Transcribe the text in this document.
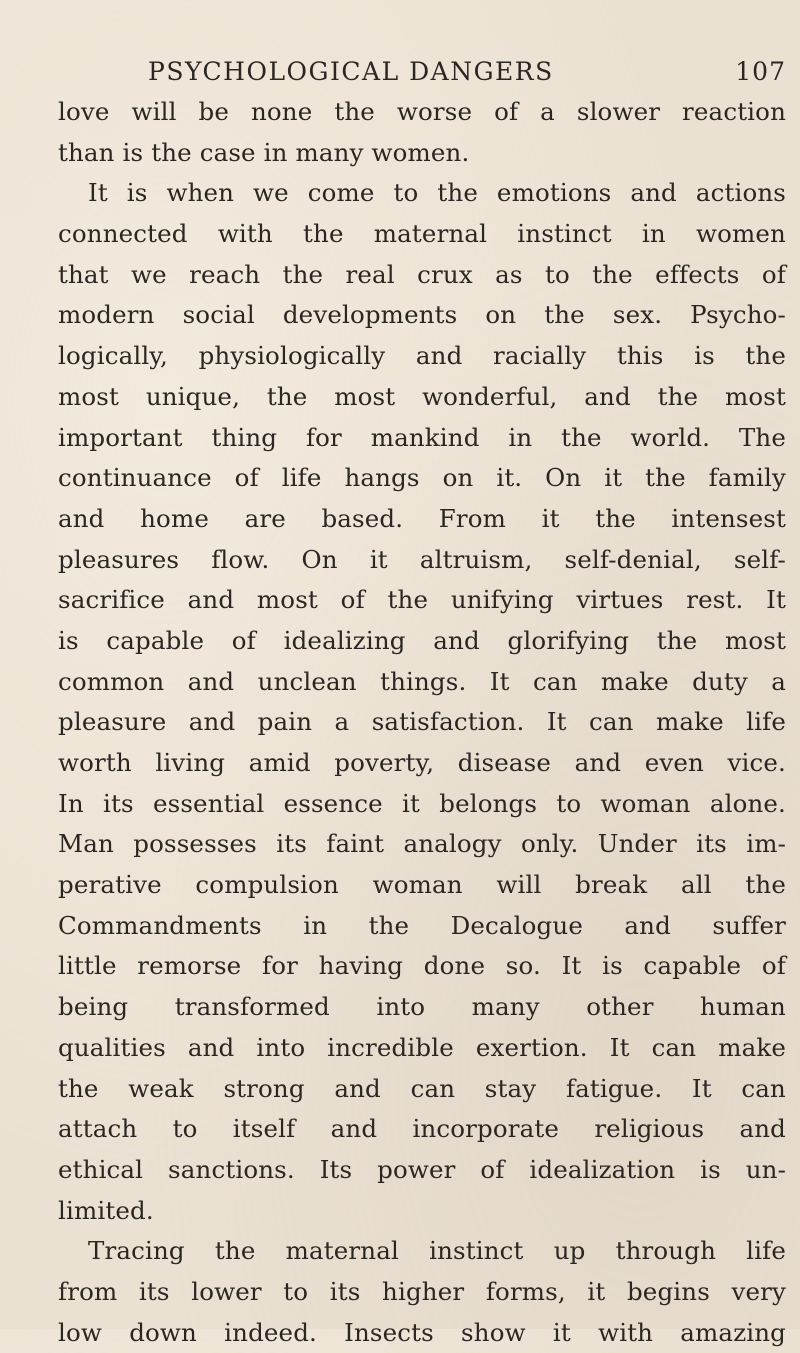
PSYCHOLOGICAL DANGERS	107
love will be none the worse of a slower reaction
than is the case in many women.
It is when we come to the emotions and actions
connected with the maternal instinct in women
that we reach the real crux as to the effects of
modern social developments on the sex. Psycho-
logically, physiologically and racially this is the
most unique, the most wonderful, and the most
important thing for mankind in the world. The
continuance of life hangs on it. On it the family
and home are based. From it the intensest
pleasures flow. On it altruism, self-denial, self-
sacrifice and most of the unifying virtues rest. It
is capable of idealizing and glorifying the most
common and unclean things. It can make duty a
pleasure and pain a satisfaction. It can make life
worth living amid poverty, disease and even vice.
In its essential essence it belongs to woman alone.
Man possesses its faint analogy only. Under its im-
perative compulsion woman will break all the
Commandments in the Decalogue and suffer
little remorse for having done so. It is capable of
being transformed into many other human
qualities and into incredible exertion. It can make
the weak strong and can stay fatigue. It can
attach to itself and incorporate religious and
ethical sanctions. Its power of idealization is un-
limited.
Tracing the maternal instinct up through life
from its lower to its higher forms, it begins very
low down indeed. Insects show it with amazing
